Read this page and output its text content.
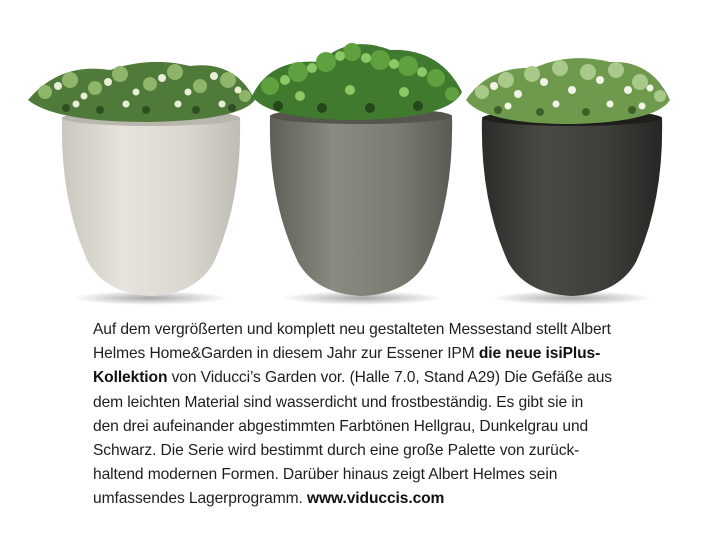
Auf dem vergrößerten und komplett neu gestalteten Messestand stellt Albert
Helmes Home&Garden in diesem Jahr zur Essener IPM die neue isiPlus-
Kollektion von Viducci’s Garden vor. (Halle 7.0, Stand A29) Die Gefäße aus
dem leichten Material sind wasserdicht und frostbeständig. Es gibt sie in
den drei aufeinander abgestimmten Farbtönen Hellgrau, Dunkelgrau und
Schwarz. Die Serie wird bestimmt durch eine große Palette von zurück-
haltend modernen Formen. Darüber hinaus zeigt Albert Helmes sein
umfassendes Lagerprogramm. www.viduccis.com
